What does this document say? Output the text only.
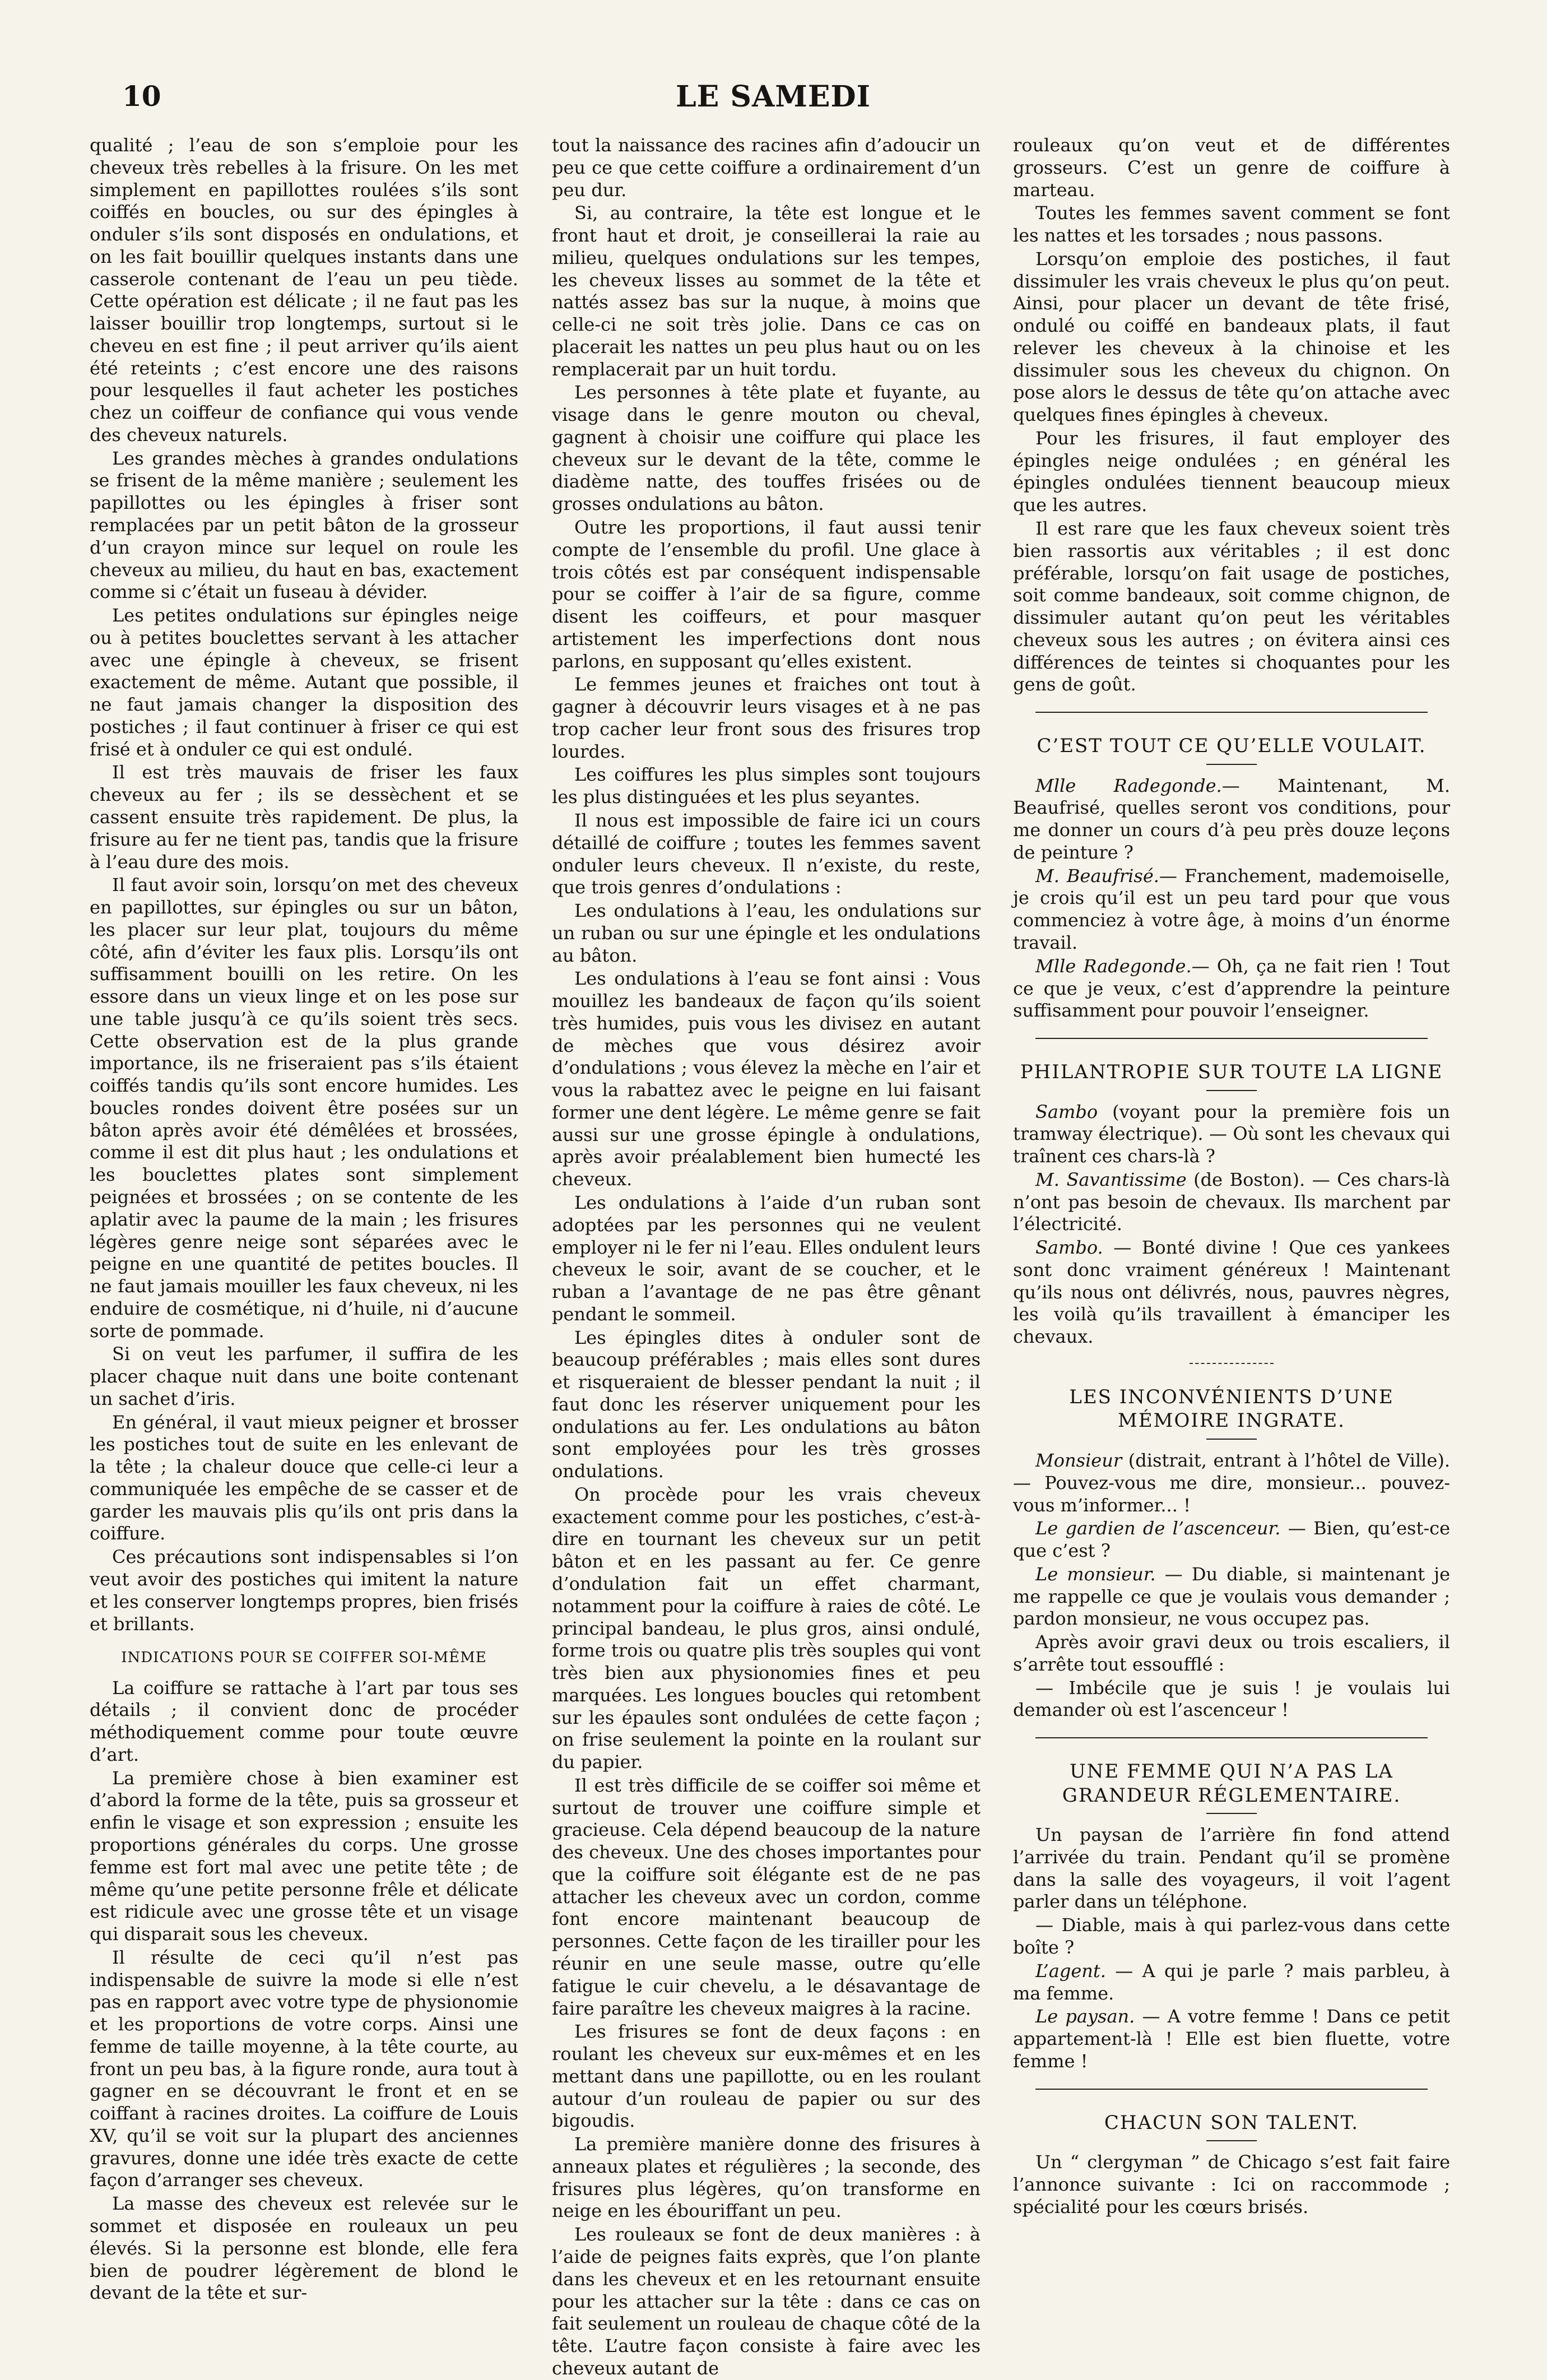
10	LE SAMEDI

qualité ; l’eau de son s’emploie pour les cheveux très rebelles à la frisure. On les met simplement en papillottes roulées s’ils sont coiffés en boucles, ou sur des épingles à onduler s’ils sont disposés en ondulations, et on les fait bouillir quelques instants dans une casserole contenant de l’eau un peu tiède. Cette opération est délicate ; il ne faut pas les laisser bouillir trop longtemps, surtout si le cheveu en est fine ; il peut arriver qu’ils aient été reteints ; c’est encore une des raisons pour lesquelles il faut acheter les postiches chez un coiffeur de confiance qui vous vende des cheveux naturels.

Les grandes mèches à grandes ondulations se frisent de la même manière ; seulement les papillottes ou les épingles à friser sont remplacées par un petit bâton de la grosseur d’un crayon mince sur lequel on roule les cheveux au milieu, du haut en bas, exactement comme si c’était un fuseau à dévider.

Les petites ondulations sur épingles neige ou à petites bouclettes servant à les attacher avec une épingle à cheveux, se frisent exactement de même. Autant que possible, il ne faut jamais changer la disposition des postiches ; il faut continuer à friser ce qui est frisé et à onduler ce qui est ondulé.

Il est très mauvais de friser les faux cheveux au fer ; ils se dessèchent et se cassent ensuite très rapidement. De plus, la frisure au fer ne tient pas, tandis que la frisure à l’eau dure des mois.

Il faut avoir soin, lorsqu’on met des cheveux en papillottes, sur épingles ou sur un bâton, les placer sur leur plat, toujours du même côté, afin d’éviter les faux plis. Lorsqu’ils ont suffisamment bouilli on les retire. On les essore dans un vieux linge et on les pose sur une table jusqu’à ce qu’ils soient très secs. Cette observation est de la plus grande importance, ils ne friseraient pas s’ils étaient coiffés tandis qu’ils sont encore humides. Les boucles rondes doivent être posées sur un bâton après avoir été démêlées et brossées, comme il est dit plus haut ; les ondulations et les bouclettes plates sont simplement peignées et brossées ; on se contente de les aplatir avec la paume de la main ; les frisures légères genre neige sont séparées avec le peigne en une quantité de petites boucles. Il ne faut jamais mouiller les faux cheveux, ni les enduire de cosmétique, ni d’huile, ni d’aucune sorte de pommade.

Si on veut les parfumer, il suffira de les placer chaque nuit dans une boite contenant un sachet d’iris.

En général, il vaut mieux peigner et brosser les postiches tout de suite en les enlevant de la tête ; la chaleur douce que celle-ci leur a communiquée les empêche de se casser et de garder les mauvais plis qu’ils ont pris dans la coiffure.

Ces précautions sont indispensables si l’on veut avoir des postiches qui imitent la nature et les conserver longtemps propres, bien frisés et brillants.

INDICATIONS POUR SE COIFFER SOI-MÊME

La coiffure se rattache à l’art par tous ses détails ; il convient donc de procéder méthodiquement comme pour toute œuvre d’art.

La première chose à bien examiner est d’abord la forme de la tête, puis sa grosseur et enfin le visage et son expression ; ensuite les proportions générales du corps. Une grosse femme est fort mal avec une petite tête ; de même qu’une petite personne frêle et délicate est ridicule avec une grosse tête et un visage qui disparait sous les cheveux.

Il résulte de ceci qu’il n’est pas indispensable de suivre la mode si elle n’est pas en rapport avec votre type de physionomie et les proportions de votre corps. Ainsi une femme de taille moyenne, à la tête courte, au front un peu bas, à la figure ronde, aura tout à gagner en se découvrant le front et en se coiffant à racines droites. La coiffure de Louis XV, qu’il se voit sur la plupart des anciennes gravures, donne une idée très exacte de cette façon d’arranger ses cheveux.

La masse des cheveux est relevée sur le sommet et disposée en rouleaux un peu élevés. Si la personne est blonde, elle fera bien de poudrer légèrement de blond le devant de la tête et sur-

tout la naissance des racines afin d’adoucir un peu ce que cette coiffure a ordinairement d’un peu dur.

Si, au contraire, la tête est longue et le front haut et droit, je conseillerai la raie au milieu, quelques ondulations sur les tempes, les cheveux lisses au sommet de la tête et nattés assez bas sur la nuque, à moins que celle-ci ne soit très jolie. Dans ce cas on placerait les nattes un peu plus haut ou on les remplacerait par un huit tordu.

Les personnes à tête plate et fuyante, au visage dans le genre mouton ou cheval, gagnent à choisir une coiffure qui place les cheveux sur le devant de la tête, comme le diadème natte, des touffes frisées ou de grosses ondulations au bâton.

Outre les proportions, il faut aussi tenir compte de l’ensemble du profil. Une glace à trois côtés est par conséquent indispensable pour se coiffer à l’air de sa figure, comme disent les coiffeurs, et pour masquer artistement les imperfections dont nous parlons, en supposant qu’elles existent.

Le femmes jeunes et fraiches ont tout à gagner à découvrir leurs visages et à ne pas trop cacher leur front sous des frisures trop lourdes.

Les coiffures les plus simples sont toujours les plus distinguées et les plus seyantes.

Il nous est impossible de faire ici un cours détaillé de coiffure ; toutes les femmes savent onduler leurs cheveux. Il n’existe, du reste, que trois genres d’ondulations :

Les ondulations à l’eau, les ondulations sur un ruban ou sur une épingle et les ondulations au bâton.

Les ondulations à l’eau se font ainsi : Vous mouillez les bandeaux de façon qu’ils soient très humides, puis vous les divisez en autant de mèches que vous désirez avoir d’ondulations ; vous élevez la mèche en l’air et vous la rabattez avec le peigne en lui faisant former une dent légère. Le même genre se fait aussi sur une grosse épingle à ondulations, après avoir préalablement bien humecté les cheveux.

Les ondulations à l’aide d’un ruban sont adoptées par les personnes qui ne veulent employer ni le fer ni l’eau. Elles ondulent leurs cheveux le soir, avant de se coucher, et le ruban a l’avantage de ne pas être gênant pendant le sommeil.

Les épingles dites à onduler sont de beaucoup préférables ; mais elles sont dures et risqueraient de blesser pendant la nuit ; il faut donc les réserver uniquement pour les ondulations au fer. Les ondulations au bâton sont employées pour les très grosses ondulations.

On procède pour les vrais cheveux exactement comme pour les postiches, c’est-à-dire en tournant les cheveux sur un petit bâton et en les passant au fer. Ce genre d’ondulation fait un effet charmant, notamment pour la coiffure à raies de côté. Le principal bandeau, le plus gros, ainsi ondulé, forme trois ou quatre plis très souples qui vont très bien aux physionomies fines et peu marquées. Les longues boucles qui retombent sur les épaules sont ondulées de cette façon ; on frise seulement la pointe en la roulant sur du papier.

Il est très difficile de se coiffer soi même et surtout de trouver une coiffure simple et gracieuse. Cela dépend beaucoup de la nature des cheveux. Une des choses importantes pour que la coiffure soit élégante est de ne pas attacher les cheveux avec un cordon, comme font encore maintenant beaucoup de personnes. Cette façon de les tirailler pour les réunir en une seule masse, outre qu’elle fatigue le cuir chevelu, a le désavantage de faire paraître les cheveux maigres à la racine.

Les frisures se font de deux façons : en roulant les cheveux sur eux-mêmes et en les mettant dans une papillotte, ou en les roulant autour d’un rouleau de papier ou sur des bigoudis.

La première manière donne des frisures à anneaux plates et régulières ; la seconde, des frisures plus légères, qu’on transforme en neige en les ébouriffant un peu.

Les rouleaux se font de deux manières : à l’aide de peignes faits exprès, que l’on plante dans les cheveux et en les retournant ensuite pour les attacher sur la tête : dans ce cas on fait seulement un rouleau de chaque côté de la tête. L’autre façon consiste à faire avec les cheveux autant de

rouleaux qu’on veut et de différentes grosseurs. C’est un genre de coiffure à marteau.

Toutes les femmes savent comment se font les nattes et les torsades ; nous passons.

Lorsqu’on emploie des postiches, il faut dissimuler les vrais cheveux le plus qu’on peut. Ainsi, pour placer un devant de tête frisé, ondulé ou coiffé en bandeaux plats, il faut relever les cheveux à la chinoise et les dissimuler sous les cheveux du chignon. On pose alors le dessus de tête qu’on attache avec quelques fines épingles à cheveux.

Pour les frisures, il faut employer des épingles neige ondulées ; en général les épingles ondulées tiennent beaucoup mieux que les autres.

Il est rare que les faux cheveux soient très bien rassortis aux véritables ; il est donc préférable, lorsqu’on fait usage de postiches, soit comme bandeaux, soit comme chignon, de dissimuler autant qu’on peut les véritables cheveux sous les autres ; on évitera ainsi ces différences de teintes si choquantes pour les gens de goût.

C’EST TOUT CE QU’ELLE VOULAIT.

Mlle Radegonde.— Maintenant, M. Beaufrisé, quelles seront vos conditions, pour me donner un cours d’à peu près douze leçons de peinture ?

M. Beaufrisé.— Franchement, mademoiselle, je crois qu’il est un peu tard pour que vous commenciez à votre âge, à moins d’un énorme travail.

Mlle Radegonde.— Oh, ça ne fait rien ! Tout ce que je veux, c’est d’apprendre la peinture suffisamment pour pouvoir l’enseigner.

PHILANTROPIE SUR TOUTE LA LIGNE

Sambo (voyant pour la première fois un tramway électrique). — Où sont les chevaux qui traînent ces chars-là ?

M. Savantissime (de Boston). — Ces chars-là n’ont pas besoin de chevaux. Ils marchent par l’électricité.

Sambo. — Bonté divine ! Que ces yankees sont donc vraiment généreux ! Maintenant qu’ils nous ont délivrés, nous, pauvres nègres, les voilà qu’ils travaillent à émanciper les chevaux.

LES INCONVÉNIENTS D’UNE MÉMOIRE INGRATE.

Monsieur (distrait, entrant à l’hôtel de Ville). — Pouvez-vous me dire, monsieur... pouvez-vous m’informer... !

Le gardien de l’ascenceur. — Bien, qu’est-ce que c’est ?

Le monsieur. — Du diable, si maintenant je me rappelle ce que je voulais vous demander ; pardon monsieur, ne vous occupez pas.

Après avoir gravi deux ou trois escaliers, il s’arrête tout essoufflé :

— Imbécile que je suis ! je voulais lui demander où est l’ascenceur !

UNE FEMME QUI N’A PAS LA GRANDEUR RÉGLEMENTAIRE.

Un paysan de l’arrière fin fond attend l’arrivée du train. Pendant qu’il se promène dans la salle des voyageurs, il voit l’agent parler dans un téléphone.

— Diable, mais à qui parlez-vous dans cette boîte ?

L’agent. — A qui je parle ? mais parbleu, à ma femme.

Le paysan. — A votre femme ! Dans ce petit appartement-là ! Elle est bien fluette, votre femme !

CHACUN SON TALENT.

Un “ clergyman ” de Chicago s’est fait faire l’annonce suivante : Ici on raccommode ; spécialité pour les cœurs brisés.
